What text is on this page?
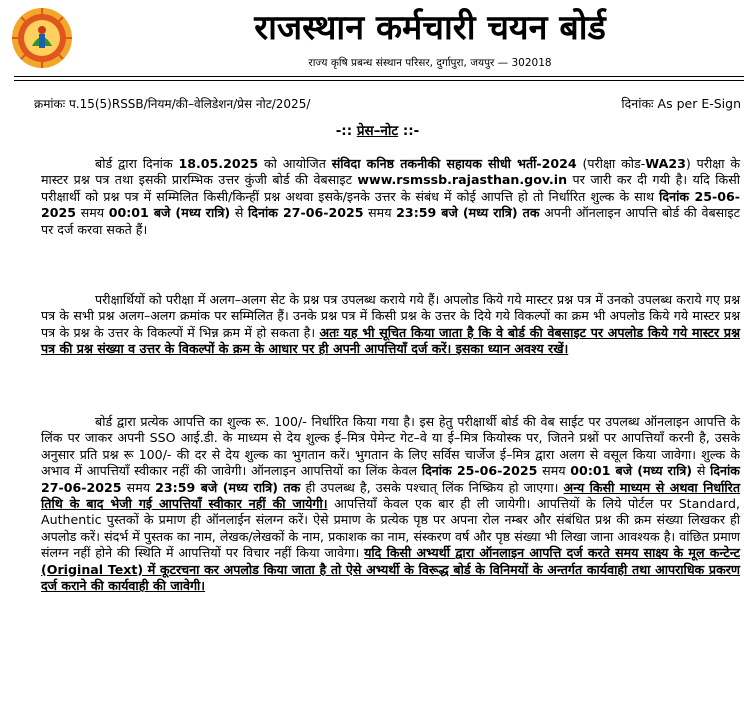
राजस्थान कर्मचारी चयन बोर्ड
राज्य कृषि प्रबन्ध संस्थान परिसर, दुर्गापुरा, जयपुर — 302018
क्रमांकः प.15(5)RSSB/नियम/की–वेलिडेशन/प्रेस नोट/2025/	दिनांकः As per E-Sign
-:: प्रेस–नोट ::-
बोर्ड द्वारा दिनांक 18.05.2025 को आयोजित संविदा कनिष्ठ तकनीकी सहायक सीधी भर्ती-2024 (परीक्षा कोड-WA23) परीक्षा के मास्टर प्रश्न पत्र तथा इसकी प्रारम्भिक उत्तर कुंजी बोर्ड की वेबसाइट www.rsmssb.rajasthan.gov.in पर जारी कर दी गयी है। यदि किसी परीक्षार्थी को प्रश्न पत्र में सम्मिलित किसी/किन्हीं प्रश्न अथवा इसके/इनके उत्तर के संबंध में कोई आपत्ति हो तो निर्धारित शुल्क के साथ दिनांक 25-06-2025 समय 00:01 बजे (मध्य रात्रि) से दिनांक 27-06-2025 समय 23:59 बजे (मध्य रात्रि) तक अपनी ऑनलाइन आपत्ति बोर्ड की वेबसाइट पर दर्ज करवा सकते हैं।
परीक्षार्थियों को परीक्षा में अलग–अलग सेट के प्रश्न पत्र उपलब्ध कराये गये हैं। अपलोड किये गये मास्टर प्रश्न पत्र में उनको उपलब्ध कराये गए प्रश्न पत्र के सभी प्रश्न अलग–अलग क्रमांक पर सम्मिलित हैं। उनके प्रश्न पत्र में किसी प्रश्न के उत्तर के दिये गये विकल्पों का क्रम भी अपलोड किये गये मास्टर प्रश्न पत्र के प्रश्न के उत्तर के विकल्पों में भिन्न क्रम में हो सकता है। अतः यह भी सूचित किया जाता है कि वे बोर्ड की वेबसाइट पर अपलोड किये गये मास्टर प्रश्न पत्र की प्रश्न संख्या व उत्तर के विकल्पों के क्रम के आधार पर ही अपनी आपत्तियाँ दर्ज करें। इसका ध्यान अवश्य रखें।
बोर्ड द्वारा प्रत्येक आपत्ति का शुल्क रू. 100/- निर्धारित किया गया है। इस हेतु परीक्षार्थी बोर्ड की वेब साईट पर उपलब्ध ऑनलाइन आपत्ति के लिंक पर जाकर अपनी SSO आई.डी. के माध्यम से देय शुल्क ई–मित्र पेमेन्ट गेट–वे या ई–मित्र कियोस्क पर, जितने प्रश्नों पर आपत्तियाँ करनी है, उसके अनुसार प्रति प्रश्न रू 100/- की दर से देय शुल्क का भुगतान करें। भुगतान के लिए सर्विस चार्जेज ई–मित्र द्वारा अलग से वसूल किया जावेगा। शुल्क के अभाव में आपत्तियाँ स्वीकार नहीं की जावेगी। ऑनलाइन आपत्तियों का लिंक केवल दिनांक 25-06-2025 समय 00:01 बजे (मध्य रात्रि) से दिनांक 27-06-2025 समय 23:59 बजे (मध्य रात्रि) तक ही उपलब्ध है, उसके पश्चात् लिंक निष्क्रिय हो जाएगा। अन्य किसी माध्यम से अथवा निर्धारित तिथि के बाद भेजी गई आपत्तियाँ स्वीकार नहीं की जायेगी। आपत्तियाँ केवल एक बार ही ली जायेगी। आपत्तियों के लिये पोर्टल पर Standard, Authentic पुस्तकों के प्रमाण ही ऑनलाईन संलग्न करें। ऐसे प्रमाण के प्रत्येक पृष्ठ पर अपना रोल नम्बर और संबंधित प्रश्न की क्रम संख्या लिखकर ही अपलोड करें। संदर्भ में पुस्तक का नाम, लेखक/लेखकों के नाम, प्रकाशक का नाम, संस्करण वर्ष और पृष्ठ संख्या भी लिखा जाना आवश्यक है। वांछित प्रमाण संलग्न नहीं होने की स्थिति में आपत्तियों पर विचार नहीं किया जावेगा। यदि किसी अभ्यर्थी द्वारा ऑनलाइन आपत्ति दर्ज करते समय साक्ष्य के मूल कन्टेन्ट (Original Text) में कूटरचना कर अपलोड किया जाता है तो ऐसे अभ्यर्थी के विरूद्ध बोर्ड के विनिमयों के अन्तर्गत कार्यवाही तथा आपराधिक प्रकरण दर्ज कराने की कार्यवाही की जावेगी।
